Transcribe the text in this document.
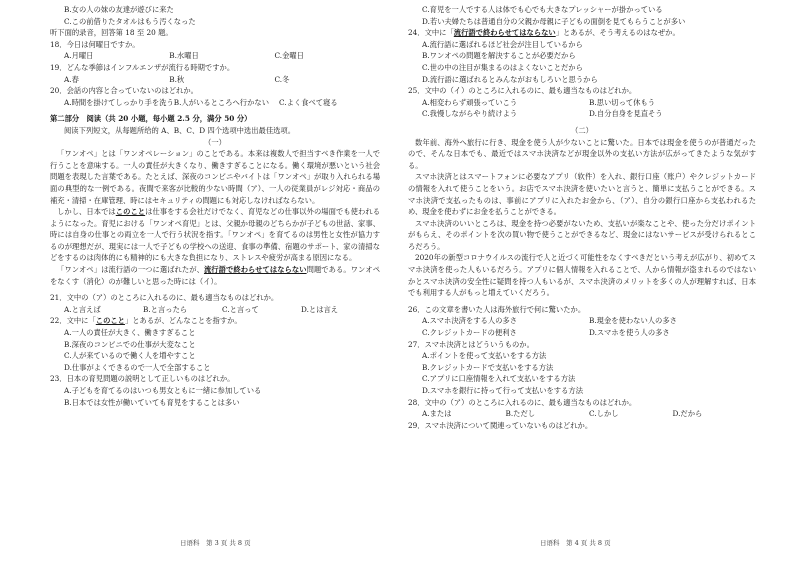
B.女の人の妹の友達が遊びに来た
C.この前借りたタオルはもう汚くなった
听下面的录音，回答第 18 至 20 题。
18．今日は何曜日ですか。
A.月曜日	B.水曜日	C.金曜日
19．どんな季節はインフルエンザが流行る時期ですか。
A.春	B.秋	C.冬
20．会話の内容と合っていないのはどれか。
A.時間を掛けてしっかり手を洗う B.人がいるところへ行かない	C.よく食べて寝る
第二部分　阅读（共 20 小题，每小题 2.5 分，满分 50 分）
阅读下列短文，从每题所给的 A、B、C、D 四个选项中选出最佳选项。
（一）
「ワンオペ」とは「ワンオペレーション」のことである。本来は複数人で担当すべき作業を一人で行うことを意味する。一人の責任が大きくなり、働きすぎることになる。働く環境が悪いという社会問題を表現した言葉である。たとえば、深夜のコンビニやバイトは「ワンオペ」が取り入れられる場面の典型的な一例である。夜間で来客が比較的少ない時間（ア）、一人の従業員がレジ対応・商品の補充・清掃・在庫管理、時にはセキュリティの問題にも対応しなければならない。
しかし、日本ではこのことは仕事をする会社だけでなく、育児などの仕事以外の場面でも使われるようになった。育児における「ワンオペ育児」とは、父親か母親のどちらかが子どもの世話、家事、時には自身の仕事との両立を一人で行う状況を指す。「ワンオペ」を育てるのは男性と女性が協力するのが理想だが、現実には一人で子どもの学校への送迎、食事の準備、宿題のサポート、家の清掃などをするのは肉体的にも精神的にも大きな負担になり、ストレスや疲労が高まる原因になる。
「ワンオペ」は流行語の一つに選ばれたが、流行語で終わらせてはならない問題である。ワンオペをなくす（消化）のが難しいと思った時には（イ）。
21．文中の（ア）のところに入れるのに、最も適当なものはどれか。
A.と言えば	B.と言ったら	C.と言って	D.とは言え
22．文中に「このこと」とあるが、どんなことを指すか。
A.一人の責任が大きく、働きすぎること
B.深夜のコンビニでの仕事が大変なこと
C.人が来ているので働く人を増やすこと
D.仕事がよくできるので一人で全部すること
23．日本の育児問題の説明として正しいものはどれか。
A.子どもを育てるのはいつも男女ともに一緒に参加している
B.日本では女性が働いていても育児をすることは多い
日语科　第 3 页 共 8 页
C.育児を一人でする人は体でも心でも大きなプレッシャーが掛かっている
D.若い夫婦たちは普通自分の父親か母親に子どもの面倒を見てもらうことが多い
24．文中に「流行語で終わらせてはならない」とあるが、そう考えるのはなぜか。
A.流行語に選ばれるほど社会が注目しているから
B.ワンオペの問題を解決することが必要だから
C.世の中の注目が集まるのはよくないことだから
D.流行語に選ばれるとみんながおもしろいと思うから
25．文中の（イ）のところに入れるのに、最も適当なものはどれか。
A.相変わらず頑張っていこう	B.思い切って休もう
C.我慢しながらやり続けよう	D.自分自身を見直そう
（二）
数年前、海外へ旅行に行き、現金を使う人が少ないことに驚いた。日本では現金を使うのが普通だったので、そんな日本でも、最近ではスマホ決済などが現金以外の支払い方法が広がってきたような気がする。
スマホ決済とはスマートフォンに必要なアプリ（软件）を入れ、銀行口座（账户）やクレジットカードの情報を入れて使うことをいう。お店でスマホ決済を使いたいと言うと、簡単に支払うことができる。スマホ決済で支払ったものは、事前にアプリに入れたお金から、（ア）、自分の銀行口座から支払われるため、現金を使わずにお金を払うことができる。
スマホ決済のいいところは、現金を持つ必要がないため、支払いが楽なことや、使った分だけポイントがもらえ、そのポイントを次の買い物で使うことができるなど、現金にはないサービスが受けられるところだろう。
2020年の新型コロナウイルスの流行で人と近づく可能性をなくすべきだという考えが広がり、初めてスマホ決済を使った人もいるだろう。アプリに個人情報を入れることで、人から情報が盗まれるのではないかとスマホ決済の安全性に疑問を持つ人もいるが、スマホ決済のメリットを多くの人が理解すれば、日本でも利用する人がもっと増えていくだろう。
26．この文章を書いた人は海外旅行で何に驚いたか。
A.スマホ決済をする人の多さ	B.現金を使わない人の多さ
C.クレジットカードの便利さ	D.スマホを使う人の多さ
27．スマホ決済とはどういうものか。
A.ポイントを使って支払いをする方法
B.クレジットカードで支払いをする方法
C.アプリに口座情報を入れて支払いをする方法
D.スマホを銀行に持って行って支払いをする方法
28．文中の（ア）のところに入れるのに、最も適当なものはどれか。
A.または	B.ただし	C.しかし	D.だから
29．スマホ決済について関連っていないものはどれか。
日语科　第 4 页 共 8 页
